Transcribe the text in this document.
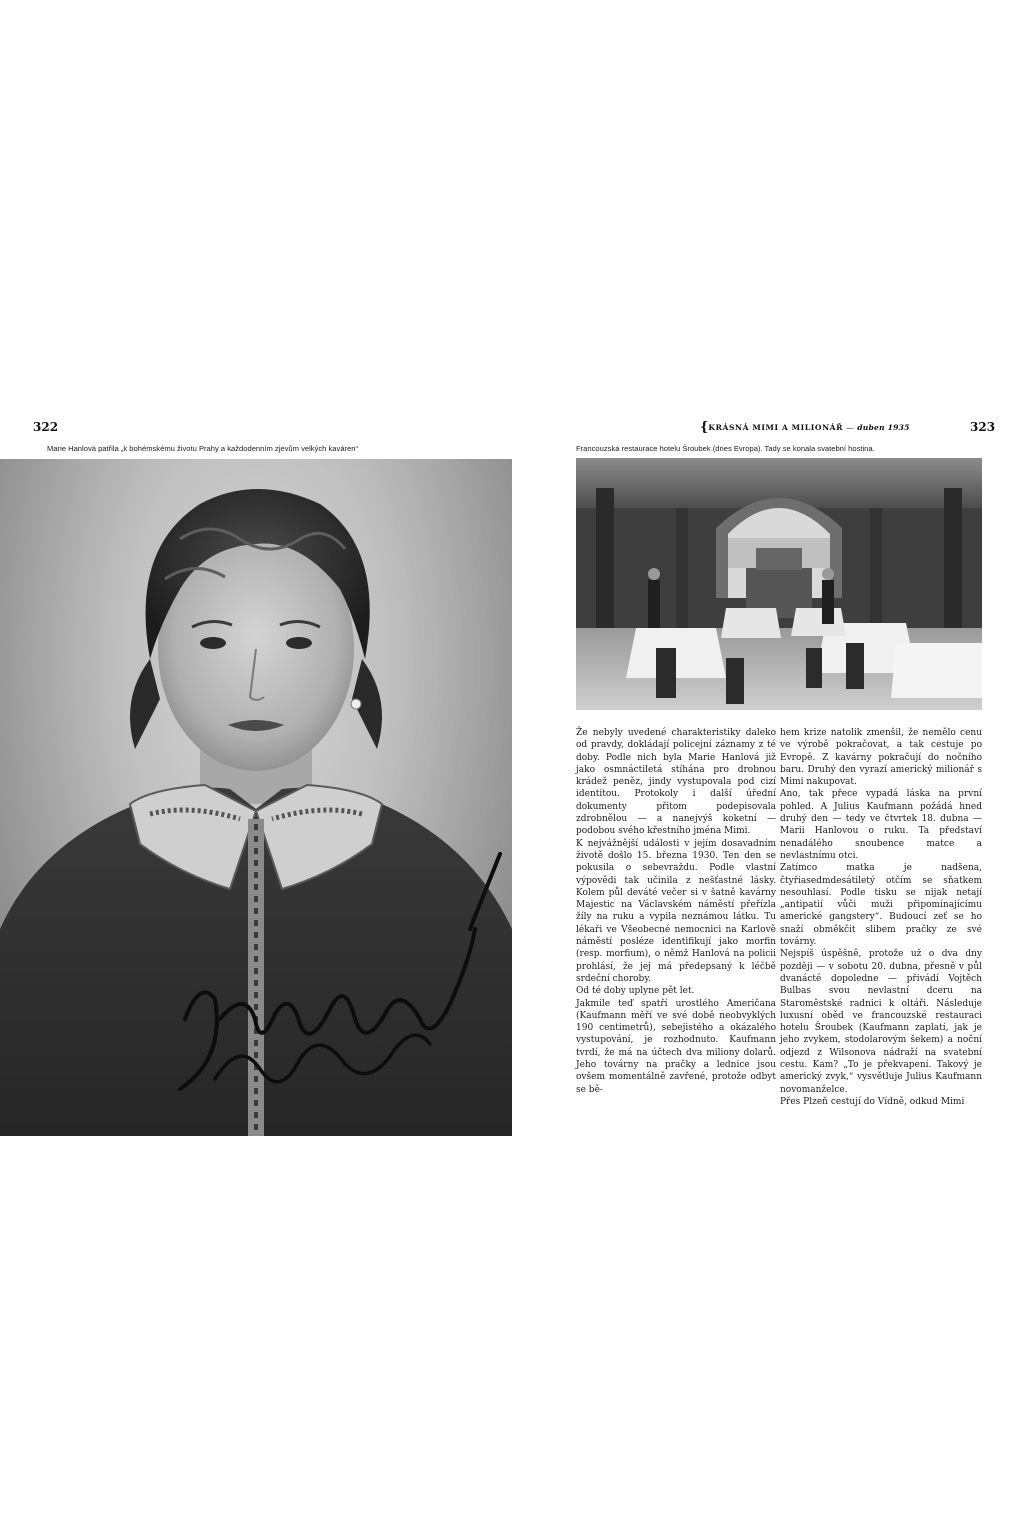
322	{KRÁSNÁ MIMI A MILIONÁŘ — duben 1935	323
Marie Hanlová patřila „k bohémskému životu Prahy a každodenním zjevům velkých kaváren“	Francouzská restaurace hotelu Šroubek (dnes Evropa). Tady se konala svatební hostina.

Že nebyly uvedené charakteristiky daleko od pravdy, dokládají policejní záznamy z té doby. Podle nich byla Marie Hanlová již jako osmnáctiletá stíhána pro drobnou krádež peněz, jindy vystupovala pod cizí identitou. Protokoly i další úřední dokumenty přitom podepisovala zdrobnělou — a nanejvýš koketní — podobou svého křestního jména Mimi.

K nejvážnější události v jejím dosavadním životě došlo 15. března 1930. Ten den se pokusila o sebevraždu. Podle vlastní výpovědi tak učinila z nešťastné lásky. Kolem půl deváté večer si v šatně kavárny Majestic na Václavském náměstí přeřízla žíly na ruku a vypila neznámou látku. Tu lékaři ve Všeobecné nemocnici na Karlově náměstí posléze identifikují jako morfin (resp. morfium), o němž Hanlová na policii prohlásí, že jej má předepsaný k léčbě srdeční choroby.

Od té doby uplyne pět let.

Jakmile teď spatří urostlého Američana (Kaufmann měří ve své době neobvyklých 190 centimetrů), sebejistého a okázalého vystupování, je rozhodnuto. Kaufmann tvrdí, že má na účtech dva miliony dolarů. Jeho továrny na pračky a lednice jsou ovšem momentálně zavřené, protože odbyt se bě-

hem krize natolik zmenšil, že nemělo cenu ve výrobě pokračovat, a tak cestuje po Evropě. Z kavárny pokračují do nočního baru. Druhý den vyrazí americký milionář s Mimi nakupovat.

Ano, tak přece vypadá láska na první pohled. A Julius Kaufmann požádá hned druhý den — tedy ve čtvrtek 18. dubna — Marii Hanlovou o ruku. Ta představí nenadálého snoubence matce a nevlastnímu otci.

Zatímco matka je nadšena, čtyřiasedmdesátiletý otčím se sňatkem nesouhlasí. Podle tisku se nijak netají „antipatií vůči muži připomínajícímu americké gangstery“. Budoucí zeť se ho snaží obměkčit slibem pračky ze své továrny.

Nejspíš úspěšně, protože už o dva dny později — v sobotu 20. dubna, přesně v půl dvanácté dopoledne — přivádí Vojtěch Bulbas svou nevlastní dceru na Staroměstské radnici k oltáři. Následuje luxusní oběd ve francouzské restauraci hotelu Šroubek (Kaufmann zaplatí, jak je jeho zvykem, stodolarovým šekem) a noční odjezd z Wilsonova nádraží na svatební cestu. Kam? „To je překvapení. Takový je americký zvyk,“ vysvětluje Julius Kaufmann novomanželce.

Přes Plzeň cestují do Vídně, odkud Mimi
